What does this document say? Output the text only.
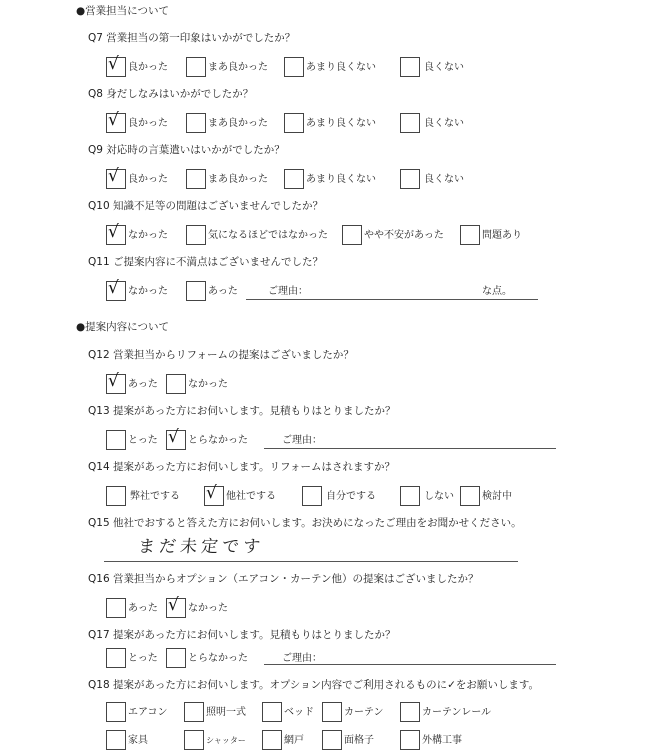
●営業担当について
Q7 営業担当の第一印象はいかがでしたか？
√ 良かった	まあ良かった	あまり良くない	良くない
Q8 身だしなみはいかがでしたか？
√ 良かった	まあ良かった	あまり良くない	良くない
Q9 対応時の言葉遣いはいかがでしたか？
√ 良かった	まあ良かった	あまり良くない	良くない
Q10 知識不足等の問題はございませんでしたか？
√ なかった	気になるほどではなかった	やや不安があった	問題あり
Q11 ご提案内容に不満点はございませんでした？
√ なかった	あった	ご理由：	な点。
●提案内容について
Q12 営業担当からリフォームの提案はございましたか？
√ あった	なかった
Q13 提案があった方にお伺いします。見積もりはとりましたか？
とった √ とらなかった	ご理由：
Q14 提案があった方にお伺いします。リフォームはされますか？
弊社でする √ 他社でする	自分でする	しない	検討中
Q15 他社でおすると答えた方にお伺いします。お決めになったご理由をお聞かせください。
まだ未定です
Q16 営業担当からオプション（エアコン・カーテン他）の提案はございましたか？
あった √ なかった
Q17 提案があった方にお伺いします。見積もりはとりましたか？
とった	とらなかった	ご理由：
Q18 提案があった方にお伺いします。オプション内容でご利用されるものに✓をお願いします。
エアコン	照明一式	ベッド	カーテン	カーテンレール
家具	シャッター	網戸	面格子	外構工事
